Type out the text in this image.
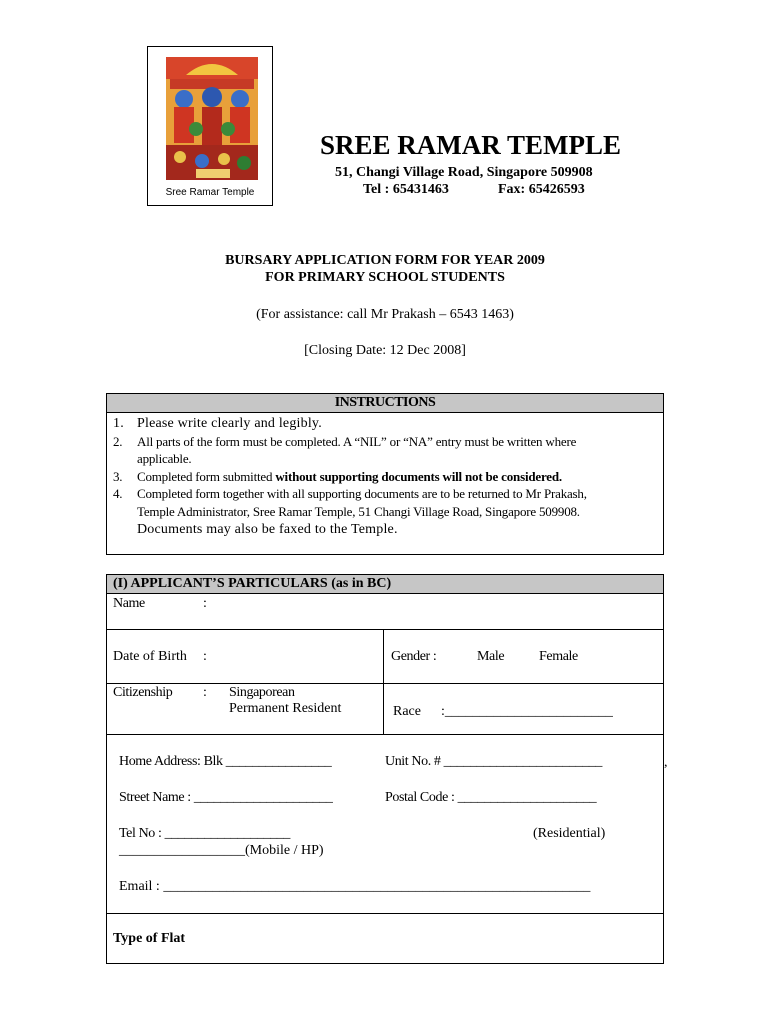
Sree Ramar Temple
SREE RAMAR TEMPLE
51, Changi Village Road, Singapore 509908
Tel : 65431463	Fax: 65426593
BURSARY APPLICATION FORM FOR YEAR 2009
FOR PRIMARY SCHOOL STUDENTS
(For assistance: call Mr Prakash – 6543 1463)
[Closing Date: 12 Dec 2008]
INSTRUCTIONS
1. Please write clearly and legibly.
2. All parts of the form must be completed. A “NIL” or “NA” entry must be written where
applicable.
3. Completed form submitted without supporting documents will not be considered.
4. Completed form together with all supporting documents are to be returned to Mr Prakash,
Temple Administrator, Sree Ramar Temple, 51 Changi Village Road, Singapore 509908.
Documents may also be faxed to the Temple.
(I) APPLICANT’S PARTICULARS (as in BC)
Name	:
Date of Birth :	Gender :	Male Female
Citizenship : Singaporean
Permanent Resident	Race :________________________
Home Address: Blk ________________	Unit No. # ________________________
Street Name : _____________________	Postal Code : _____________________
Tel No : ___________________	(Residential)
__________________(Mobile / HP)
Email : _____________________________________________________________
Type of Flat
,
